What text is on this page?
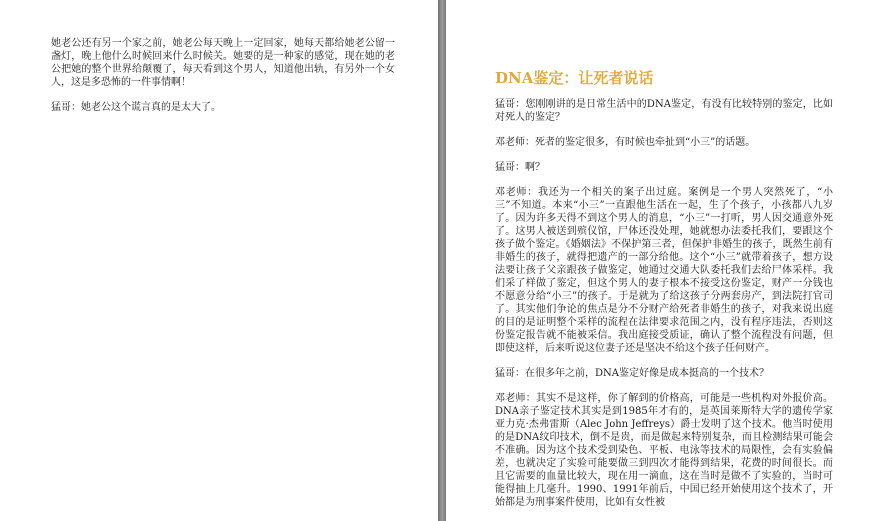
她老公还有另一个家之前，她老公每天晚上一定回家，她每天都给她老公留一盏灯，晚上他什么时候回来什么时候关。她要的是一种家的感觉，现在她的老公把她的整个世界给颠覆了，每天看到这个男人，知道他出轨，有另外一个女人，这是多恐怖的一件事情啊！

猛哥：她老公这个谎言真的是太大了。

DNA鉴定：让死者说话

猛哥：您刚刚讲的是日常生活中的DNA鉴定，有没有比较特别的鉴定，比如对死人的鉴定？

邓老师：死者的鉴定很多，有时候也牵扯到“小三”的话题。

猛哥：啊？

邓老师：我还为一个相关的案子出过庭。案例是一个男人突然死了，“小三”不知道。本来“小三”一直跟他生活在一起，生了个孩子，小孩都八九岁了。因为许多天得不到这个男人的消息，“小三”一打听，男人因交通意外死了。这男人被送到殡仪馆，尸体还没处理，她就想办法委托我们，要跟这个孩子做个鉴定。《婚姻法》不保护第三者，但保护非婚生的孩子，既然生前有非婚生的孩子，就得把遗产的一部分给他。这个“小三”就带着孩子，想方设法要让孩子父亲跟孩子做鉴定，她通过交通大队委托我们去给尸体采样。我们采了样做了鉴定，但这个男人的妻子根本不接受这份鉴定，财产一分钱也不愿意分给“小三”的孩子。于是就为了给这孩子分两套房产，到法院打官司了。其实他们争论的焦点是分不分财产给死者非婚生的孩子，对我来说出庭的目的是证明整个采样的流程在法律要求范围之内，没有程序违法，否则这份鉴定报告就不能被采信。我出庭接受质证，确认了整个流程没有问题，但即使这样，后来听说这位妻子还是坚决不给这个孩子任何财产。

猛哥：在很多年之前，DNA鉴定好像是成本挺高的一个技术？

邓老师：其实不是这样，你了解到的价格高，可能是一些机构对外报价高。DNA亲子鉴定技术其实是到1985年才有的，是英国莱斯特大学的遗传学家亚力克·杰弗雷斯（Alec John Jeffreys）爵士发明了这个技术。他当时使用的是DNA纹印技术，倒不是贵，而是做起来特别复杂，而且检测结果可能会不准确。因为这个技术受到染色、平板、电泳等技术的局限性，会有实验偏差，也就决定了实验可能要做三到四次才能得到结果，花费的时间很长。而且它需要的血量比较大，现在用一滴血，这在当时是做不了实验的，当时可能得抽上几毫升。1990、1991年前后，中国已经开始使用这个技术了，开始都是为刑事案件使用，比如有女性被
